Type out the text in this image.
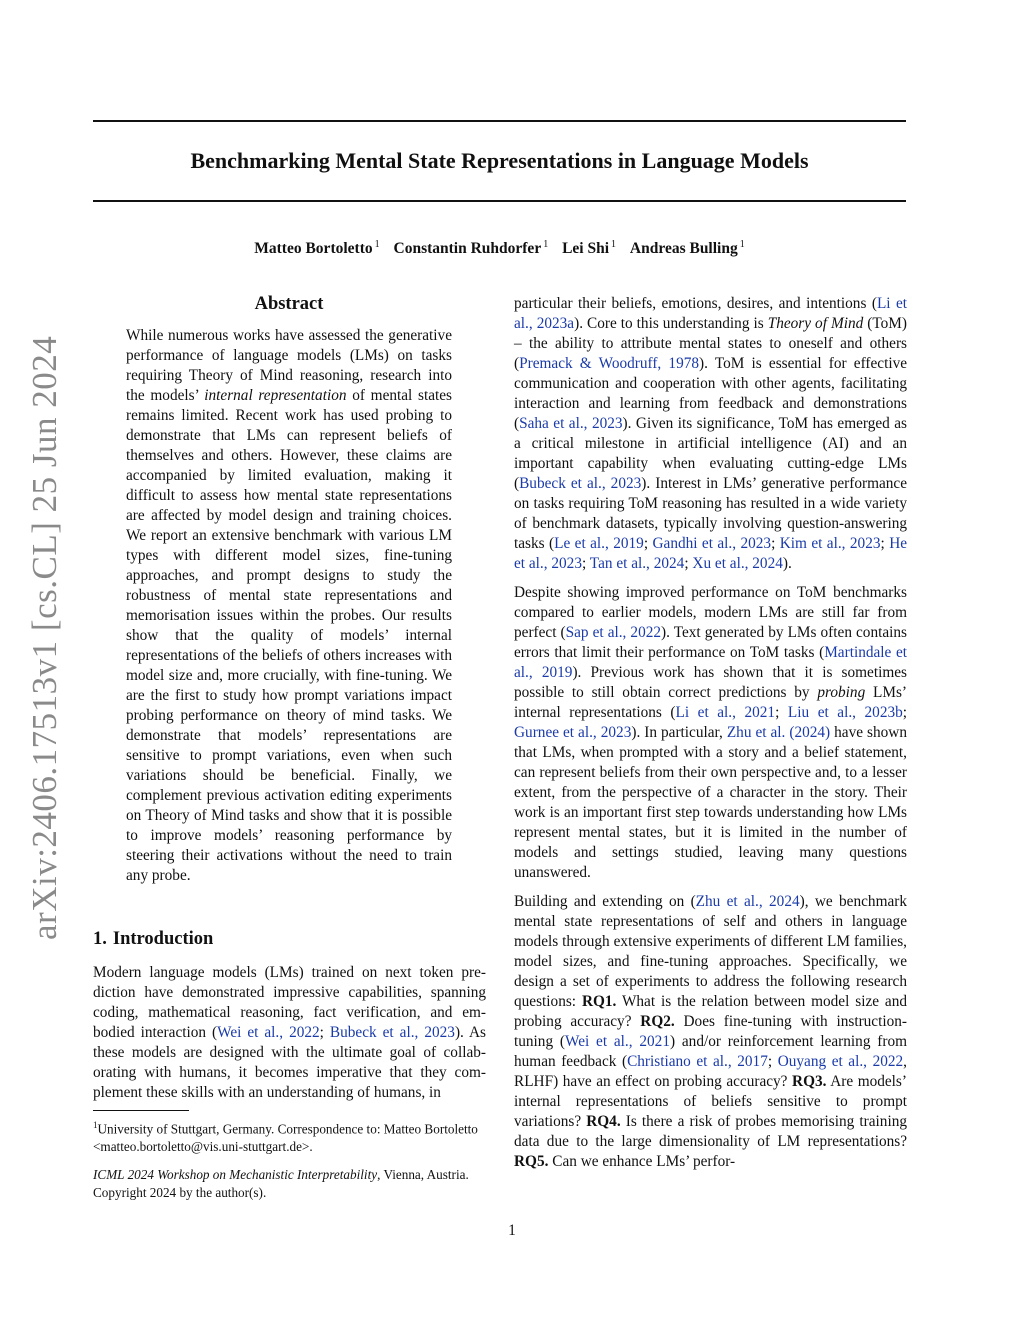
Benchmarking Mental State Representations in Language Models
Matteo Bortoletto $^1$ Constantin Ruhdorfer $^1$ Lei Shi $^1$ Andreas Bulling $^1$
arXiv:2406.17513v1 [cs.CL] 25 Jun 2024
Abstract

While numerous works have assessed the generative performance of language models (LMs) on tasks requiring Theory of Mind reasoning, research into the models’ internal representation of mental states remains limited. Recent work has used probing to demonstrate that LMs can represent beliefs of themselves and others. However, these claims are accompanied by limited evaluation, making it difficult to assess how mental state representations are affected by model design and training choices. We report an extensive benchmark with various LM types with different model sizes, fine-tuning approaches, and prompt designs to study the robustness of mental state representations and memorisation issues within the probes. Our results show that the quality of models’ internal representations of the beliefs of others increases with model size and, more crucially, with fine-tuning. We are the first to study how prompt variations impact probing performance on theory of mind tasks. We demonstrate that models’ representations are sensitive to prompt variations, even when such variations should be beneficial. Finally, we complement previous activation editing experiments on Theory of Mind tasks and show that it is possible to improve models’ reasoning performance by steering their activations without the need to train any probe.

1. Introduction

Modern language models (LMs) trained on next token prediction have demonstrated impressive capabilities, spanning coding, mathematical reasoning, fact verification, and embodied interaction (Wei et al., 2022; Bubeck et al., 2023). As these models are designed with the ultimate goal of collaborating with humans, it becomes imperative that they complement these skills with an understanding of humans, in

$^1$University of Stuttgart, Germany. Correspondence to: Matteo Bortoletto <matteo.bortoletto@vis.uni-stuttgart.de>.

ICML 2024 Workshop on Mechanistic Interpretability, Vienna, Austria. Copyright 2024 by the author(s).

particular their beliefs, emotions, desires, and intentions (Li et al., 2023a). Core to this understanding is Theory of Mind (ToM) – the ability to attribute mental states to oneself and others (Premack & Woodruff, 1978). ToM is essential for effective communication and cooperation with other agents, facilitating interaction and learning from feedback and demonstrations (Saha et al., 2023). Given its significance, ToM has emerged as a critical milestone in artificial intelligence (AI) and an important capability when evaluating cutting-edge LMs (Bubeck et al., 2023). Interest in LMs’ generative performance on tasks requiring ToM reasoning has resulted in a wide variety of benchmark datasets, typically involving question-answering tasks (Le et al., 2019; Gandhi et al., 2023; Kim et al., 2023; He et al., 2023; Tan et al., 2024; Xu et al., 2024).

Despite showing improved performance on ToM benchmarks compared to earlier models, modern LMs are still far from perfect (Sap et al., 2022). Text generated by LMs often contains errors that limit their performance on ToM tasks (Martindale et al., 2019). Previous work has shown that it is sometimes possible to still obtain correct predictions by probing LMs’ internal representations (Li et al., 2021; Liu et al., 2023b; Gurnee et al., 2023). In particular, Zhu et al. (2024) have shown that LMs, when prompted with a story and a belief statement, can represent beliefs from their own perspective and, to a lesser extent, from the perspective of a character in the story. Their work is an important first step towards understanding how LMs represent mental states, but it is limited in the number of models and settings studied, leaving many questions unanswered.

Building and extending on (Zhu et al., 2024), we benchmark mental state representations of self and others in language models through extensive experiments of different LM families, model sizes, and fine-tuning approaches. Specifically, we design a set of experiments to address the following research questions: RQ1. What is the relation between model size and probing accuracy? RQ2. Does fine-tuning with instruction-tuning (Wei et al., 2021) and/or reinforcement learning from human feedback (Christiano et al., 2017; Ouyang et al., 2022, RLHF) have an effect on probing accuracy? RQ3. Are models’ internal representations of beliefs sensitive to prompt variations? RQ4. Is there a risk of probes memorising training data due to the large dimensionality of LM representations? RQ5. Can we enhance LMs’ perfor-

1
